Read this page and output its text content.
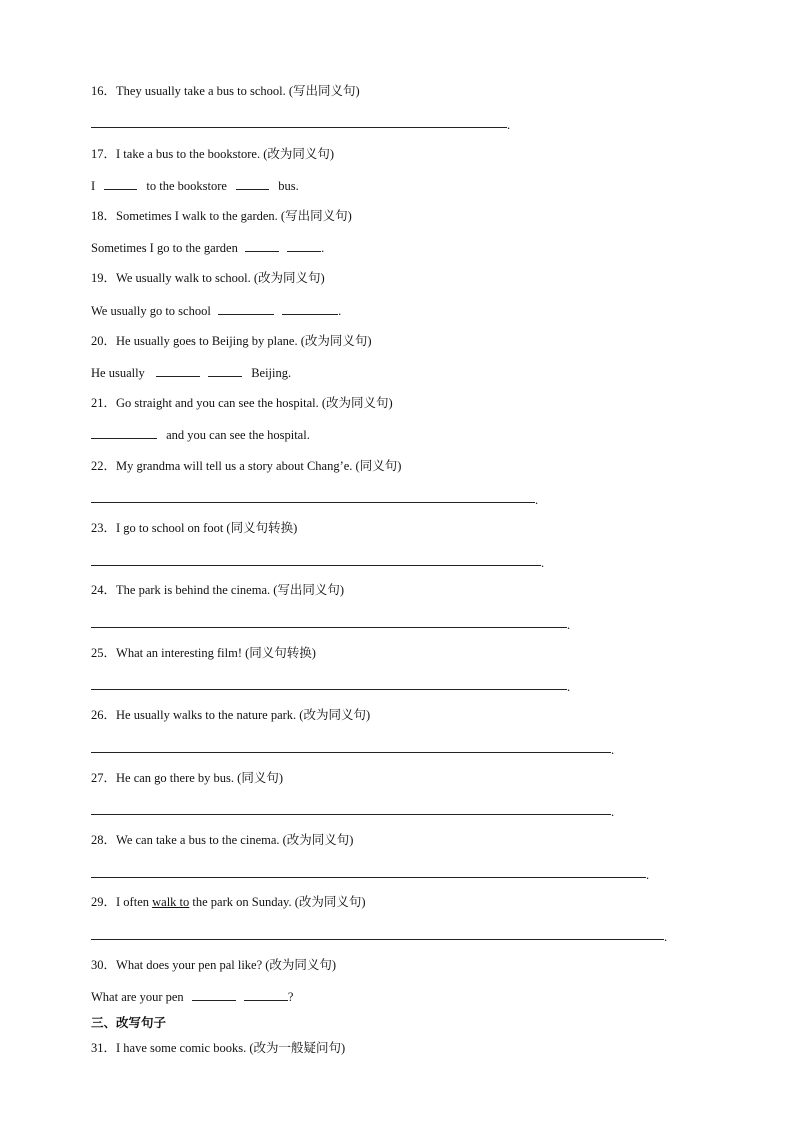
16．They usually take a bus to school. (写出同义句)
.
17．I take a bus to the bookstore. (改为同义句)
I	to the bookstore	bus.
18．Sometimes I walk to the garden. (写出同义句)
Sometimes I go to the garden	.
19．We usually walk to school. (改为同义句)
We usually go to school	.
20．He usually goes to Beijing by plane. (改为同义句)
He usually	Beijing.
21．Go straight and you can see the hospital. (改为同义句)
and you can see the hospital.
22．My grandma will tell us a story about Chang’e. (同义句)
.
23．I go to school on foot (同义句转换)
.
24．The park is behind the cinema. (写出同义句)
.
25．What an interesting film! (同义句转换)
.
26．He usually walks to the nature park. (改为同义句)
.
27．He can go there by bus. (同义句)
.
28．We can take a bus to the cinema. (改为同义句)
.
29．I often walk to the park on Sunday. (改为同义句)
.
30．What does your pen pal like? (改为同义句)
What are your pen	?
三、改写句子
31．I have some comic books. (改为一般疑问句)
